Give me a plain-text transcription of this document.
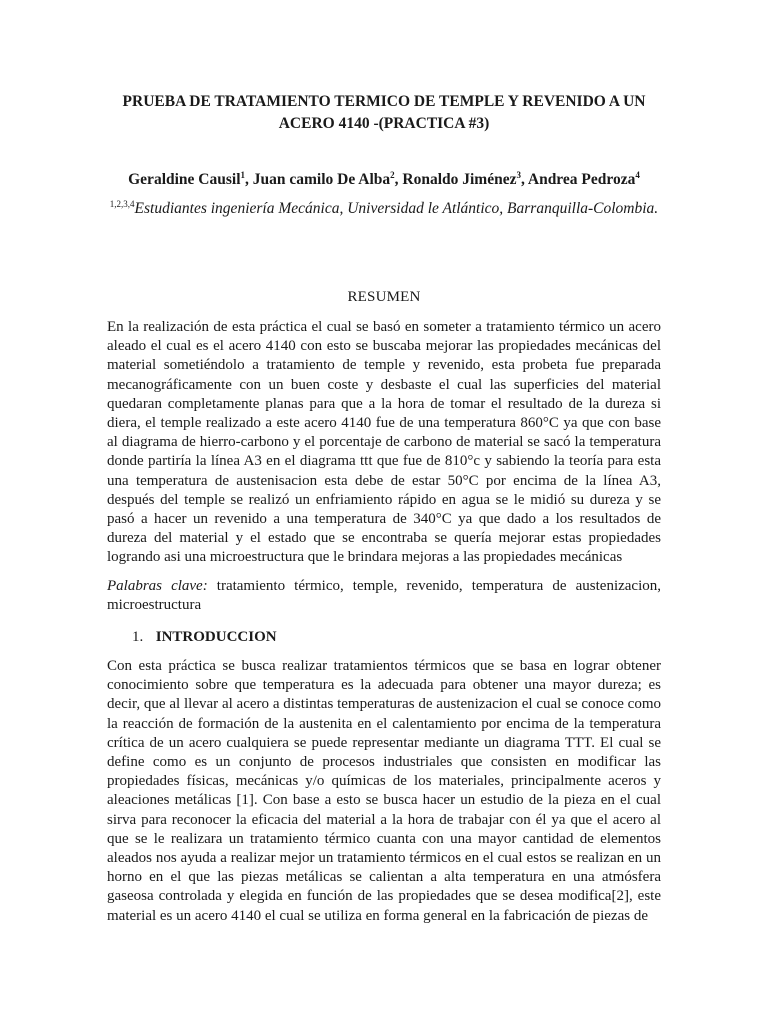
PRUEBA DE TRATAMIENTO TERMICO DE TEMPLE Y REVENIDO A UN ACERO 4140 -(PRACTICA #3)

Geraldine Causil$^1$, Juan camilo De Alba$^2$, Ronaldo Jiménez$^3$, Andrea Pedroza$^4$

$^{1,2,3,4}$Estudiantes ingeniería Mecánica, Universidad le Atlántico, Barranquilla-Colombia.

RESUMEN

En la realización de esta práctica el cual se basó en someter a tratamiento térmico un acero aleado el cual es el acero 4140 con esto se buscaba mejorar las propiedades mecánicas del material sometiéndolo a tratamiento de temple y revenido, esta probeta fue preparada mecanográficamente con un buen coste y desbaste el cual las superficies del material quedaran completamente planas para que a la hora de tomar el resultado de la dureza si diera, el temple realizado a este acero 4140 fue de una temperatura 860°C ya que con base al diagrama de hierro-carbono y el porcentaje de carbono de material se sacó la temperatura donde partiría la línea A3 en el diagrama ttt que fue de 810°c y sabiendo la teoría para esta una temperatura de austenisacion esta debe de estar 50°C por encima de la línea A3, después del temple se realizó un enfriamiento rápido en agua se le midió su dureza y se pasó a hacer un revenido a una temperatura de 340°C ya que dado a los resultados de dureza del material y el estado que se encontraba se quería mejorar estas propiedades logrando asi una microestructura que le brindara mejoras a las propiedades mecánicas

Palabras clave: tratamiento térmico, temple, revenido, temperatura de austenizacion, microestructura

1. INTRODUCCION

Con esta práctica se busca realizar tratamientos térmicos que se basa en lograr obtener conocimiento sobre que temperatura es la adecuada para obtener una mayor dureza; es decir, que al llevar al acero a distintas temperaturas de austenizacion el cual se conoce como la reacción de formación de la austenita en el calentamiento por encima de la temperatura crítica de un acero cualquiera se puede representar mediante un diagrama TTT. El cual se define como es un conjunto de procesos industriales que consisten en modificar las propiedades físicas, mecánicas y/o químicas de los materiales, principalmente aceros y aleaciones metálicas [1]. Con base a esto se busca hacer un estudio de la pieza en el cual sirva para reconocer la eficacia del material a la hora de trabajar con él ya que el acero al que se le realizara un tratamiento térmico cuanta con una mayor cantidad de elementos aleados nos ayuda a realizar mejor un tratamiento térmicos en el cual estos se realizan en un horno en el que las piezas metálicas se calientan a alta temperatura en una atmósfera gaseosa controlada y elegida en función de las propiedades que se desea modifica[2], este material es un acero 4140 el cual se utiliza en forma general en la fabricación de piezas de
